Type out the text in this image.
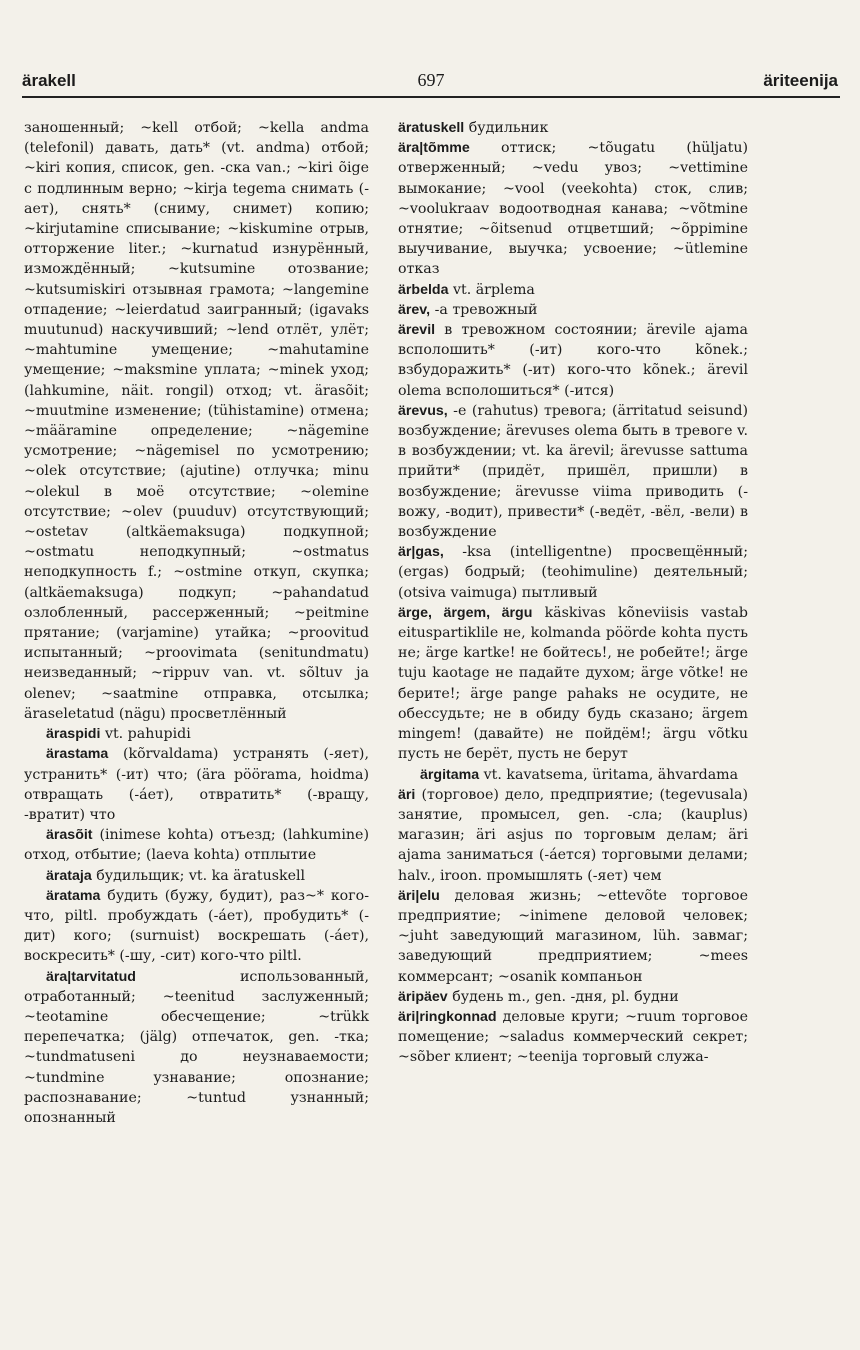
ärakell	697	äriteenija

заношенный; ~kell отбой; ~kella andma (telefonil) давать, дать* (vt. andma) отбой; ~kiri копия, список, gen. -ска van.; ~kiri õige с подлинным верно; ~kirja tegema снимать (-ает), снять* (сниму, снимет) копию; ~kirjutamine списывание; ~kiskumine отрыв, отторжение liter.; ~kurnatud изнурённый, измождённый; ~kutsumine отозвание; ~kutsumiskiri отзывная грамота; ~langemine отпадение; ~leierdatud заигранный; (igavaks muutunud) наскучивший; ~lend отлёт, улёт; ~mahtumine умещение; ~mahutamine умещение; ~maksmine уплата; ~minek уход; (lahkumine, näit. rongil) отход; vt. ärasõit; ~muutmine изменение; (tühistamine) отмена; ~määramine определение; ~nägemine усмотрение; ~nägemisel по усмотрению; ~olek отсутствие; (ajutine) отлучка; minu ~olekul в моё отсутствие; ~olemine отсутствие; ~olev (puuduv) отсутствующий; ~ostetav (altkäemaksuga) подкупной; ~ostmatu неподкупный; ~ostmatus неподкупность f.; ~ostmine откуп, скупка; (altkäemaksuga) подкуп; ~pahandatud озлобленный, рассерженный; ~peitmine прятание; (varjamine) утайка; ~proovitud испытанный; ~proovimata (senitundmatu) неизведанный; ~rippuv van. vt. sõltuv ja olenev; ~saatmine отправка, отсылка; äraseletatud (nägu) просветлённый

äraspidi vt. pahupidi

ärastama (kõrvaldama) устранять (-яет), устранить* (-ит) что; (ära pöörama, hoidma) отвращать (-áет), отвратить* (-вращу, -вратит) что

ärasõit (inimese kohta) отъезд; (lahkumine) отход, отбытие; (laeva kohta) отплытие

ärataja будильщик; vt. ka äratuskell

äratama будить (бужу, будит), раз~* кого-что, piltl. пробуждать (-áет), пробудить* (-дит) кого; (surnuist) воскрешать (-áет), воскресить* (-шу, -сит) кого-что piltl.

ära|tarvitatud	использованный, отработанный; ~teenitud заслуженный; ~teotamine обесчещение; ~trükk перепечатка; (jälg) отпечаток, gen. -тка; ~tundmatuseni до неузнаваемости; ~tundmine узнавание; опознание; распознавание; ~tuntud узнанный; опознанный

äratuskell будильник

ära|tõmme оттиск; ~tõugatu (hüljatu) отверженный; ~vedu увоз; ~vettimine вымокание; ~vool (veekohta) сток, слив; ~voolukraav водоотводная канава; ~võtmine отнятие; ~õitsenud отцветший; ~õppimine выучивание, выучка; усвоение; ~ütlemine отказ

ärbelda vt. ärplema

ärev, -a тревожный

ärevil в тревожном состоянии; ärevile ajama всполошить* (-ит) кого-что kõnek.; взбудоражить* (-ит) кого-что kõnek.; ärevil olema всполошиться* (-ится)

ärevus, -e (rahutus) тревога; (ärritatud seisund) возбуждение; ärevuses olema быть в тревоге v. в возбуждении; vt. ka ärevil; ärevusse sattuma прийти* (придёт, пришёл, пришли) в возбуждение; ärevusse viima приводить (-вожу, -водит), привести* (-ведёт, -вёл, -вели) в возбуждение

är|gas, -ksa (intelligentne) просвещённый; (ergas) бодрый; (teohimuline) деятельный; (otsiva vaimuga) пытливый

ärge, ärgem, ärgu käskivas kõneviisis vastab eituspartiklile не, kolmanda pöörde kohta пусть не; ärge kartke! не бойтесь!, не робейте!; ärge tuju kaotage не падайте духом; ärge võtke! не берите!; ärge pange pahaks не осудите, не обессудьте; не в обиду будь сказано; ärgem mingem! (давайте) не пойдём!; ärgu võtku пусть не берёт, пусть не берут

ärgitama vt. kavatsema, üritama, ähvardama

äri (торговое) дело, предприятие; (tegevusala) занятие, промысел, gen. -сла; (kauplus) магазин; äri asjus по торговым делам; äri ajama заниматься (-áется) торговыми делами; halv., iroon. промышлять (-яет) чем

äri|elu деловая жизнь; ~ettevõte торговое предприятие; ~inimene деловой человек; ~juht заведующий магазином, lüh. завмаг; заведующий предприятием; ~mees коммерсант; ~osanik компаньон

äripäev будень m., gen. -дня, pl. будни

äri|ringkonnad деловые круги; ~ruum торговое помещение; ~saladus коммерческий секрет; ~sõber клиент; ~teenija торговый служа-
